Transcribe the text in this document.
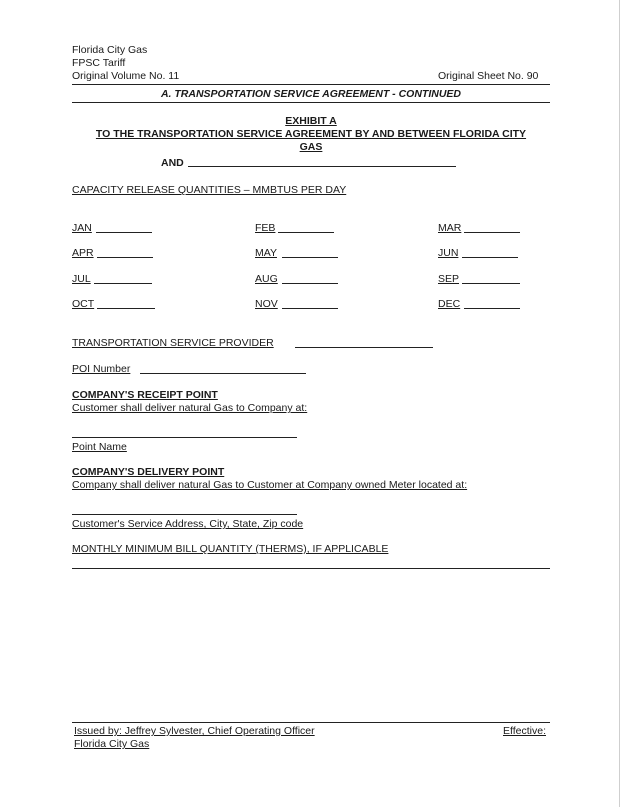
Florida City Gas
FPSC Tariff
Original Volume No. 11	Original Sheet No. 90
A. TRANSPORTATION SERVICE AGREEMENT - CONTINUED
EXHIBIT A
TO THE TRANSPORTATION SERVICE AGREEMENT BY AND BETWEEN FLORIDA CITY
GAS
AND
CAPACITY RELEASE QUANTITIES – MMBTUS PER DAY
JAN	FEB	MAR
APR	MAY	JUN
JUL	AUG	SEP
OCT	NOV	DEC
TRANSPORTATION SERVICE PROVIDER
POI Number
COMPANY'S RECEIPT POINT
Customer shall deliver natural Gas to Company at:
Point Name
COMPANY'S DELIVERY POINT
Company shall deliver natural Gas to Customer at Company owned Meter located at:
Customer's Service Address, City, State, Zip code
MONTHLY MINIMUM BILL QUANTITY (THERMS), IF APPLICABLE
Issued by: Jeffrey Sylvester, Chief Operating Officer
Florida City Gas
Effective:
